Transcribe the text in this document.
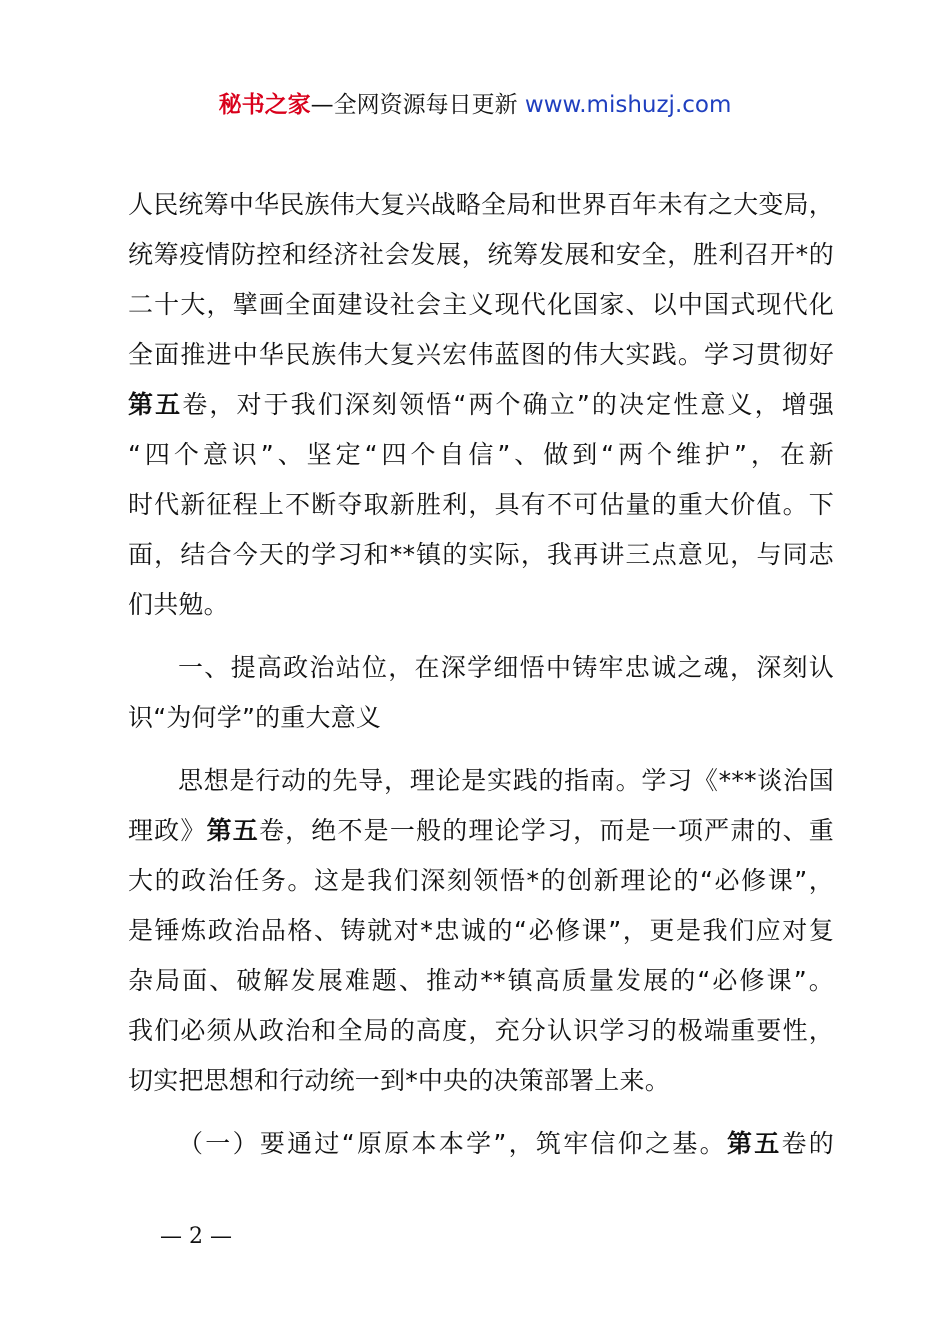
秘书之家—全网资源每日更新 www.mishuzj.com
人民统筹中华民族伟大复兴战略全局和世界百年未有之大变局，
统筹疫情防控和经济社会发展，统筹发展和安全，胜利召开*的
二十大，擘画全面建设社会主义现代化国家、以中国式现代化
全面推进中华民族伟大复兴宏伟蓝图的伟大实践。学习贯彻好
第五卷，对于我们深刻领悟“两个确立”的决定性意义，增强
“四个意识”、坚定“四个自信”、做到“两个维护”，在新
时代新征程上不断夺取新胜利，具有不可估量的重大价值。下
面，结合今天的学习和**镇的实际，我再讲三点意见，与同志
们共勉。
一、提高政治站位，在深学细悟中铸牢忠诚之魂，深刻认
识“为何学”的重大意义
思想是行动的先导，理论是实践的指南。学习《***谈治国
理政》第五卷，绝不是一般的理论学习，而是一项严肃的、重
大的政治任务。这是我们深刻领悟*的创新理论的“必修课”，
是锤炼政治品格、铸就对*忠诚的“必修课”，更是我们应对复
杂局面、破解发展难题、推动**镇高质量发展的“必修课”。
我们必须从政治和全局的高度，充分认识学习的极端重要性，
切实把思想和行动统一到*中央的决策部署上来。
（一）要通过“原原本本学”，筑牢信仰之基。第五卷的
— 2 —
